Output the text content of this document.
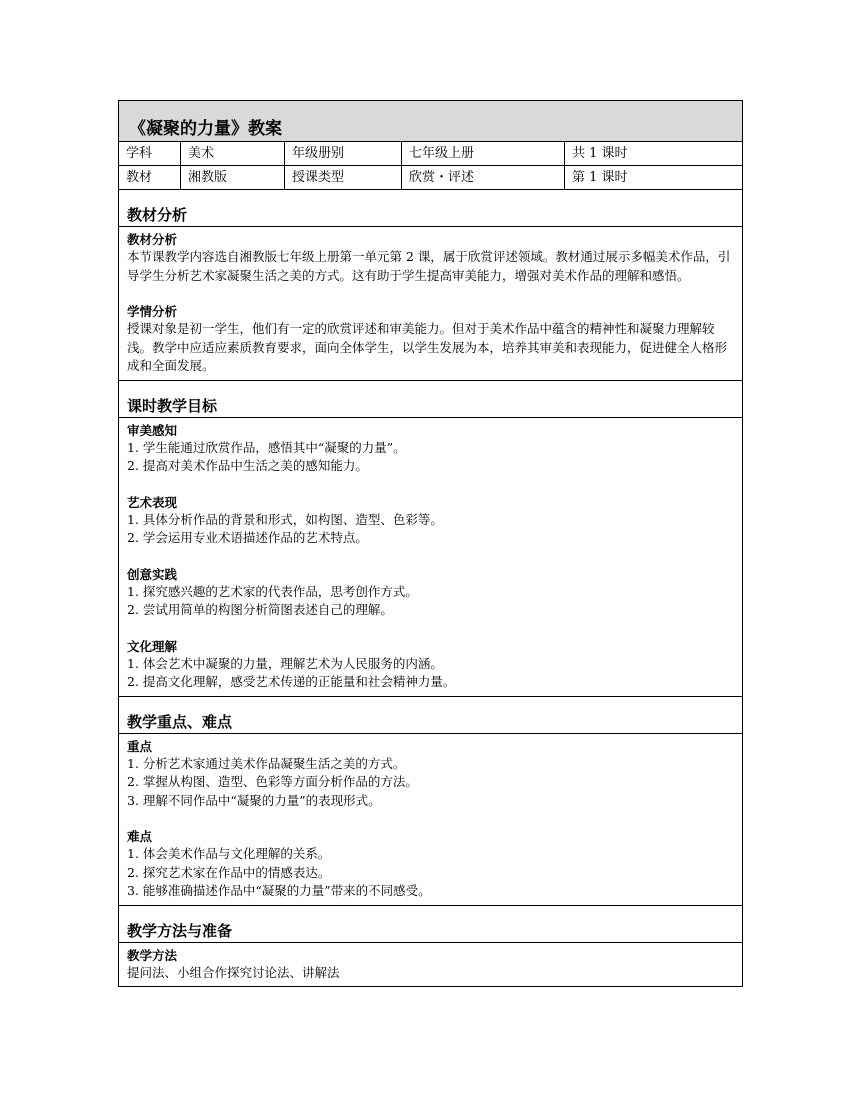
《凝聚的力量》教案
学科	美术	年级册别	七年级上册	共 1 课时
教材	湘教版	授课类型	欣赏・评述	第 1 课时
教材分析
教材分析
本节课教学内容选自湘教版七年级上册第一单元第 2 课，属于欣赏评述领域。教材通过展示多幅美术作品，引导学生分析艺术家凝聚生活之美的方式。这有助于学生提高审美能力，增强对美术作品的理解和感悟。
学情分析
授课对象是初一学生，他们有一定的欣赏评述和审美能力。但对于美术作品中蕴含的精神性和凝聚力理解较浅。教学中应适应素质教育要求，面向全体学生，以学生发展为本，培养其审美和表现能力，促进健全人格形成和全面发展。
课时教学目标
审美感知
1. 学生能通过欣赏作品，感悟其中“凝聚的力量”。
2. 提高对美术作品中生活之美的感知能力。
艺术表现
1. 具体分析作品的背景和形式，如构图、造型、色彩等。
2. 学会运用专业术语描述作品的艺术特点。
创意实践
1. 探究感兴趣的艺术家的代表作品，思考创作方式。
2. 尝试用简单的构图分析简图表述自己的理解。
文化理解
1. 体会艺术中凝聚的力量，理解艺术为人民服务的内涵。
2. 提高文化理解，感受艺术传递的正能量和社会精神力量。
教学重点、难点
重点
1. 分析艺术家通过美术作品凝聚生活之美的方式。
2. 掌握从构图、造型、色彩等方面分析作品的方法。
3. 理解不同作品中“凝聚的力量”的表现形式。
难点
1. 体会美术作品与文化理解的关系。
2. 探究艺术家在作品中的情感表达。
3. 能够准确描述作品中“凝聚的力量”带来的不同感受。
教学方法与准备
教学方法
提问法、小组合作探究讨论法、讲解法
